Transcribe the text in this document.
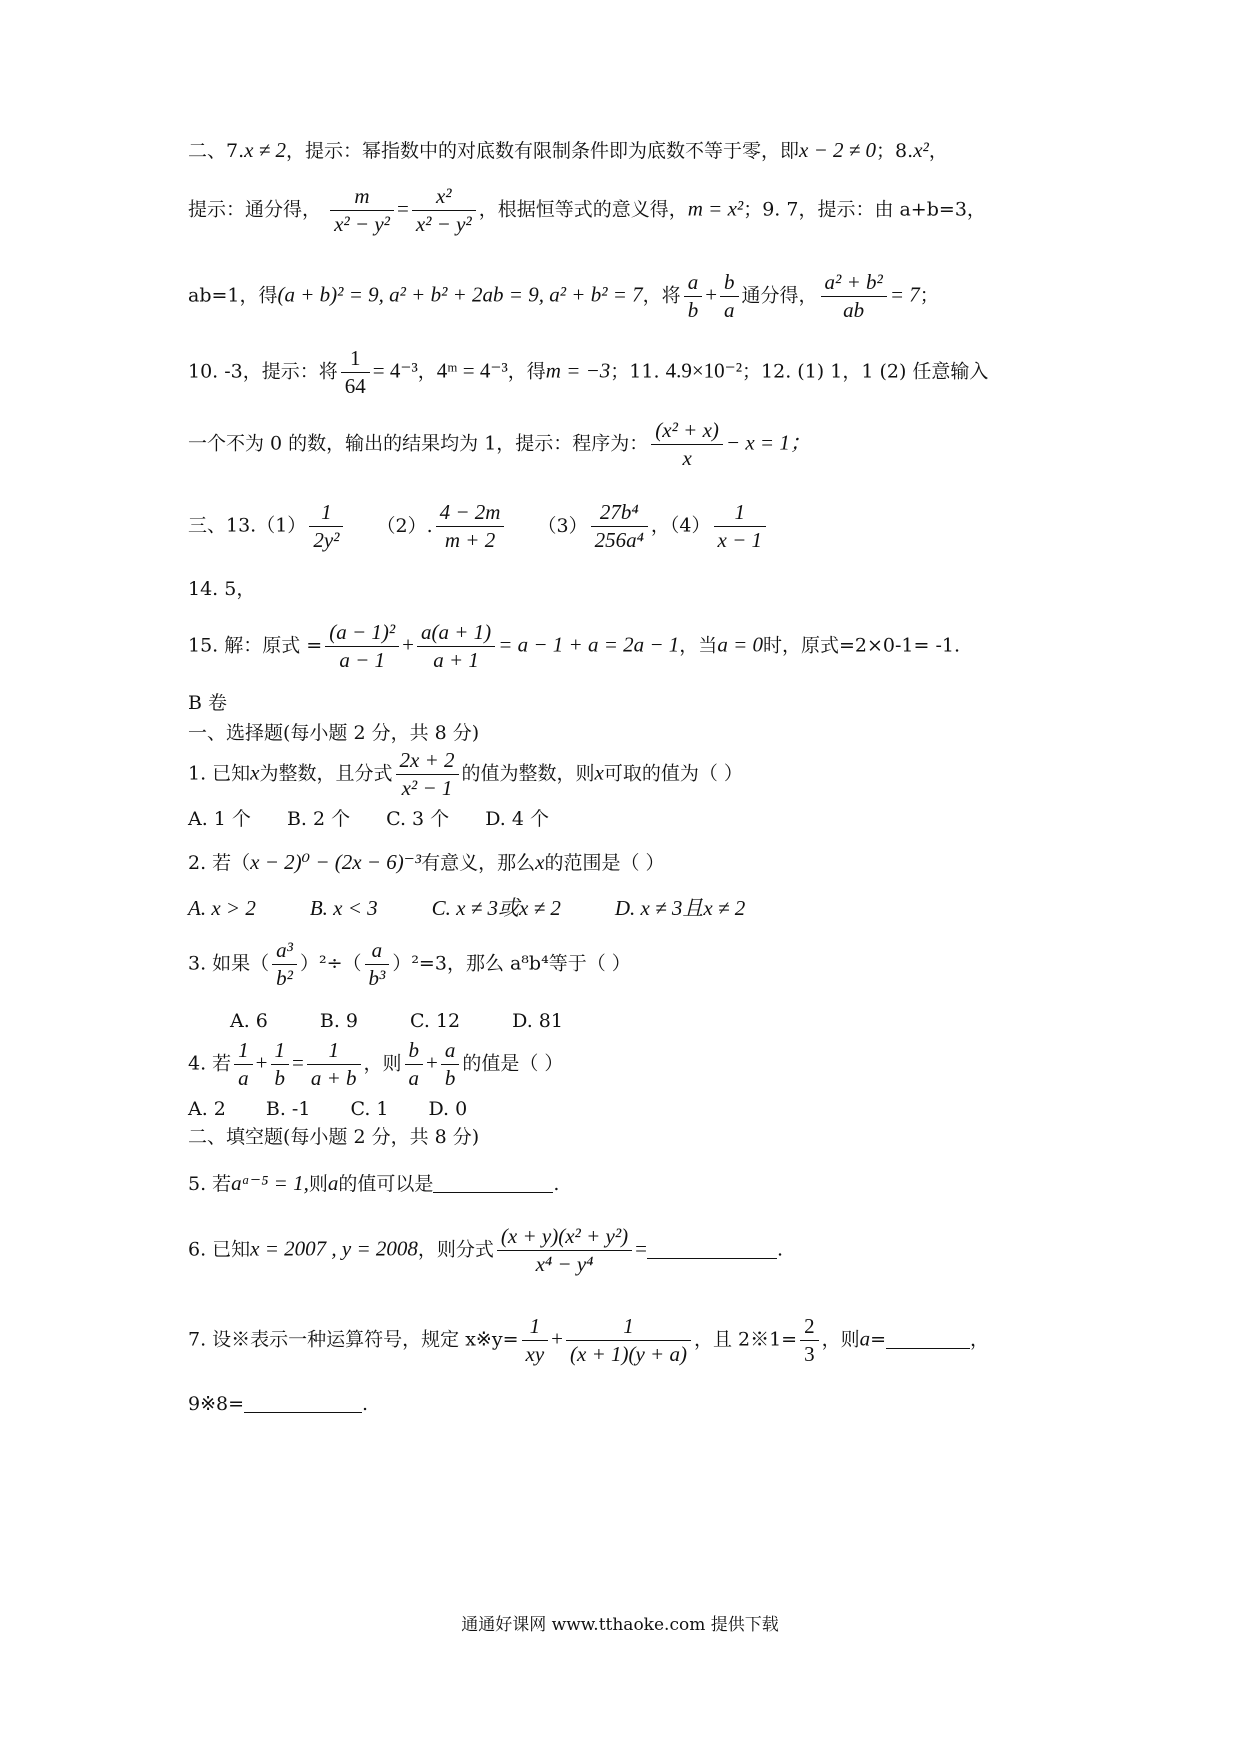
二、7.x ≠ 2，提示：幂指数中的对底数有限制条件即为底数不等于零，即x − 2 ≠ 0；8.x²，
提示：通分得， $\frac{m}{\text{x² − y²}} = \frac{\text{x²}}{\text{x² − y²}}$ ，根据恒等式的意义得，m = x²；9. 7，提示：由 a+b=3，
ab=1，得(a + b)² = 9, a² + b² + 2ab = 9, a² + b² = 7，将 $\frac{a}{b} + \frac{b}{a}$ 通分得， $\frac{\text{a² + b²}}{ab} = 7$；
10. -3，提示：将 $\frac{1}{64} = 4^{-3}$，4ᵐ = 4⁻³，得m = −3；11. 4.9×10⁻²；12. (1) 1，1 (2) 任意输入
一个不为 0 的数，输出的结果均为 1，提示：程序为： $\frac{\text{(x² + x)}}{x} - x = 1$；
三、$13.(1) \frac{1}{\text{2y²}} (2)$. $\frac{4 - 2m}{m + 2} (3) \frac{\text{27b⁴}}{\text{256a⁴}}$ ，$(4) \frac{1}{x - 1}$
14. 5，
15. 解：原式 = $\frac{\text{(a − 1)²}}{a - 1} + \frac{a(a + 1)}{a + 1} = a - 1 + a = 2a - 1$，当a = 0时，原式=2×0-1= -1.
B 卷
一、选择题(每小题 2 分，共 8 分)
1. 已知x为整数，且分式 $\frac{2x + 2}{\text{x² − 1}}$ 的值为整数，则x可取的值为（ ）
A. 1 个 B. 2 个 C. 3 个 D. 4 个
2. 若（x − 2)⁰ − (2x − 6)⁻³有意义，那么x的范围是（ ）
A. x > 2	B. x < 3	C. x ≠ 3或x ≠ 2	D. x ≠ 3且x ≠ 2
3. 如果（ $\frac{\text{a³}}{\text{b²}} )^2\div( \frac{a}{\text{b³}} )^2=3$，那么 a⁸b⁴等于（ ）
A. 6	B. 9	C. 12	D. 81
4. 若 $\frac{1}{a} + \frac{1}{b} = \frac{1}{a + b}$ ，则 $\frac{b}{a} + \frac{a}{b}$ 的值是（ ）
A. 2 B. -1 C. 1 D. 0
二、填空题(每小题 2 分，共 8 分)
5. 若aᵃ⁻⁵ = 1,则a的值可以是	.
6. 已知x = 2007 , y = 2008，则分式 $\frac{\text{(x + y)(x² + y²)}}{\text{x⁴ − y⁴}}$ =	.
7. 设※表示一种运算符号，规定 x※y= $\frac{1}{xy} + \frac{1}{(x + 1)(y + a)}$ ，且 2※1= $\frac{2}{3}$ ，则a=	，
9※8=	.
通通好课网 www.tthaoke.com 提供下载
